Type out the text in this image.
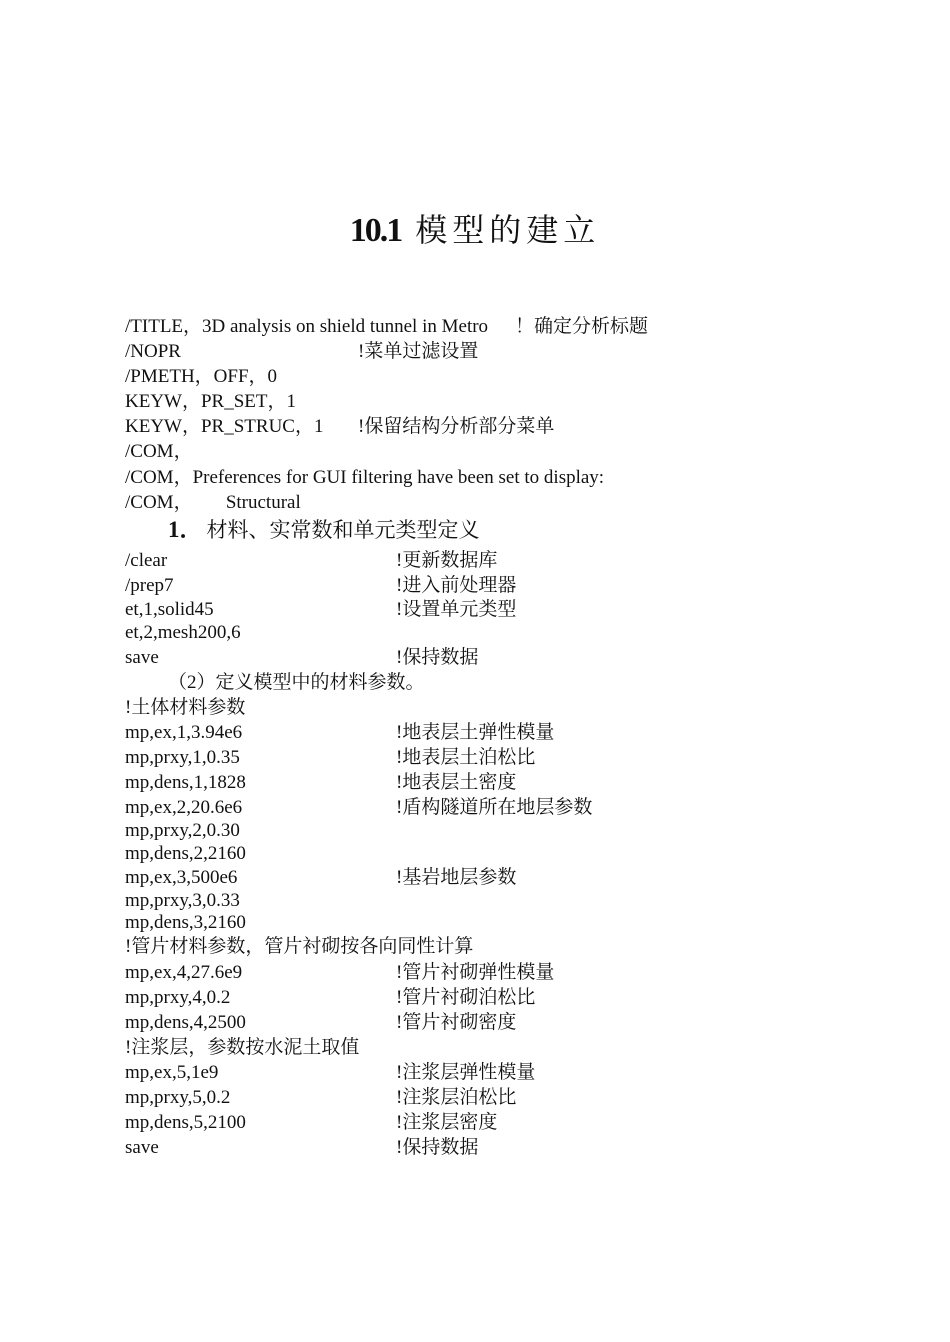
10.1 模型的建立
/TITLE，3D analysis on shield tunnel in Metro ！确定分析标题
/NOPR	!菜单过滤设置
/PMETH，OFF，0
KEYW，PR_SET，1
KEYW，PR_STRUC，1 !保留结构分析部分菜单
/COM，
/COM，Preferences for GUI filtering have been set to display:
/COM，       Structural
/clear	!更新数据库
/prep7	!进入前处理器
et,1,solid45	!设置单元类型
et,2,mesh200,6
save	!保持数据
!土体材料参数
mp,ex,1,3.94e6	!地表层土弹性模量
mp,prxy,1,0.35	!地表层土泊松比
mp,dens,1,1828	!地表层土密度
mp,ex,2,20.6e6	!盾构隧道所在地层参数
mp,prxy,2,0.30
mp,dens,2,2160
mp,ex,3,500e6	!基岩地层参数
mp,prxy,3,0.33
mp,dens,3,2160
!管片材料参数，管片衬砌按各向同性计算
mp,ex,4,27.6e9	!管片衬砌弹性模量
mp,prxy,4,0.2	!管片衬砌泊松比
mp,dens,4,2500	!管片衬砌密度
!注浆层，参数按水泥土取值
mp,ex,5,1e9	!注浆层弹性模量
mp,prxy,5,0.2	!注浆层泊松比
mp,dens,5,2100	!注浆层密度
save	!保持数据
1． 材料、实常数和单元类型定义
（2）定义模型中的材料参数。
